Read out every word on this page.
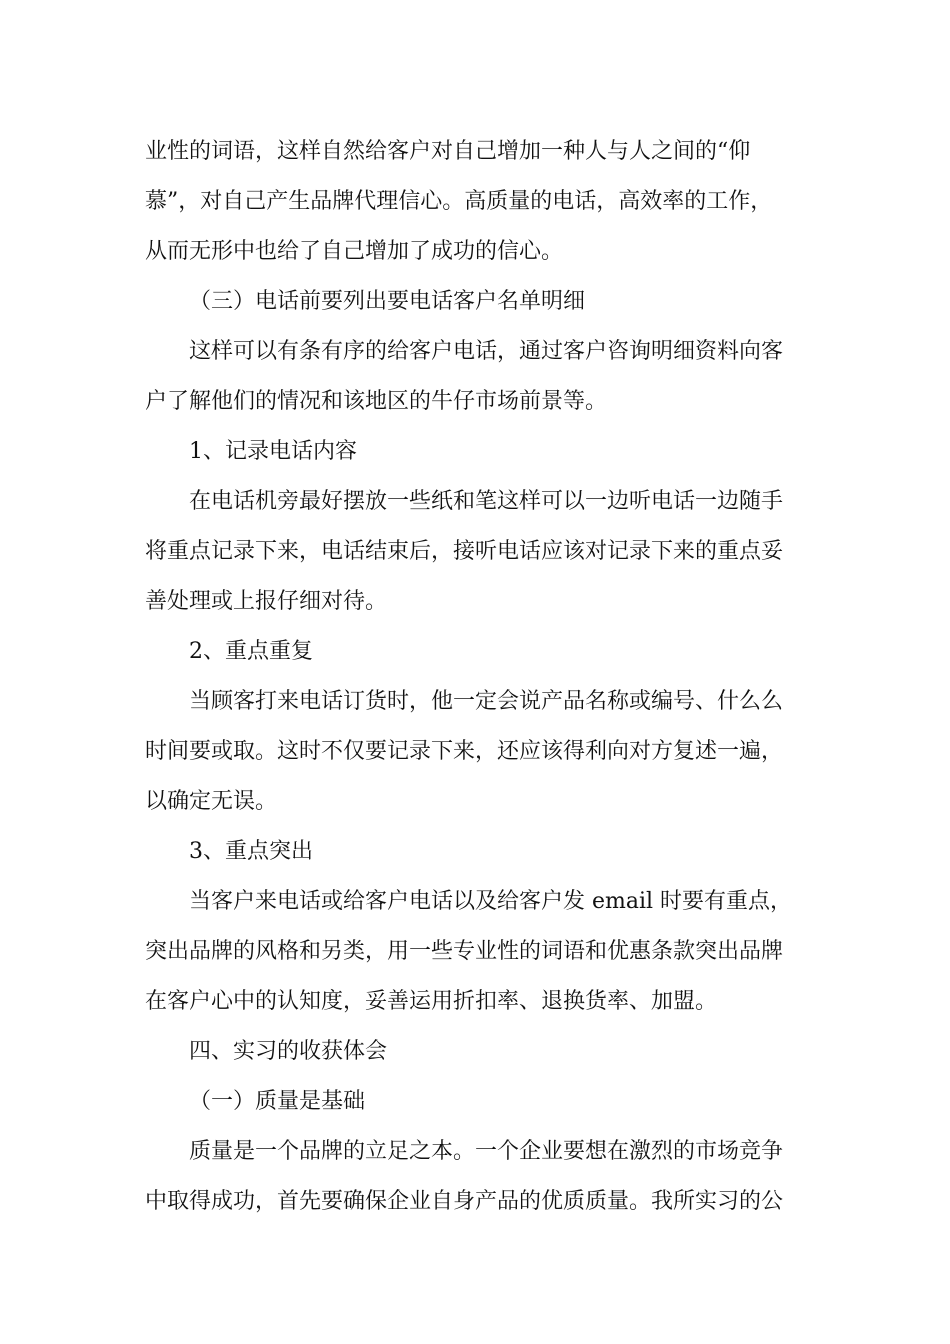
业性的词语，这样自然给客户对自己增加一种人与人之间的“仰
慕”，对自己产生品牌代理信心。高质量的电话，高效率的工作，
从而无形中也给了自己增加了成功的信心。
（三）电话前要列出要电话客户名单明细
这样可以有条有序的给客户电话，通过客户咨询明细资料向客
户了解他们的情况和该地区的牛仔市场前景等。
1、记录电话内容
在电话机旁最好摆放一些纸和笔这样可以一边听电话一边随手
将重点记录下来，电话结束后，接听电话应该对记录下来的重点妥
善处理或上报仔细对待。
2、重点重复
当顾客打来电话订货时，他一定会说产品名称或编号、什么么
时间要或取。这时不仅要记录下来，还应该得利向对方复述一遍，
以确定无误。
3、重点突出
当客户来电话或给客户电话以及给客户发 email 时要有重点，
突出品牌的风格和另类，用一些专业性的词语和优惠条款突出品牌
在客户心中的认知度，妥善运用折扣率、退换货率、加盟。
四、实习的收获体会
（一）质量是基础
质量是一个品牌的立足之本。一个企业要想在激烈的市场竞争
中取得成功，首先要确保企业自身产品的优质质量。我所实习的公
